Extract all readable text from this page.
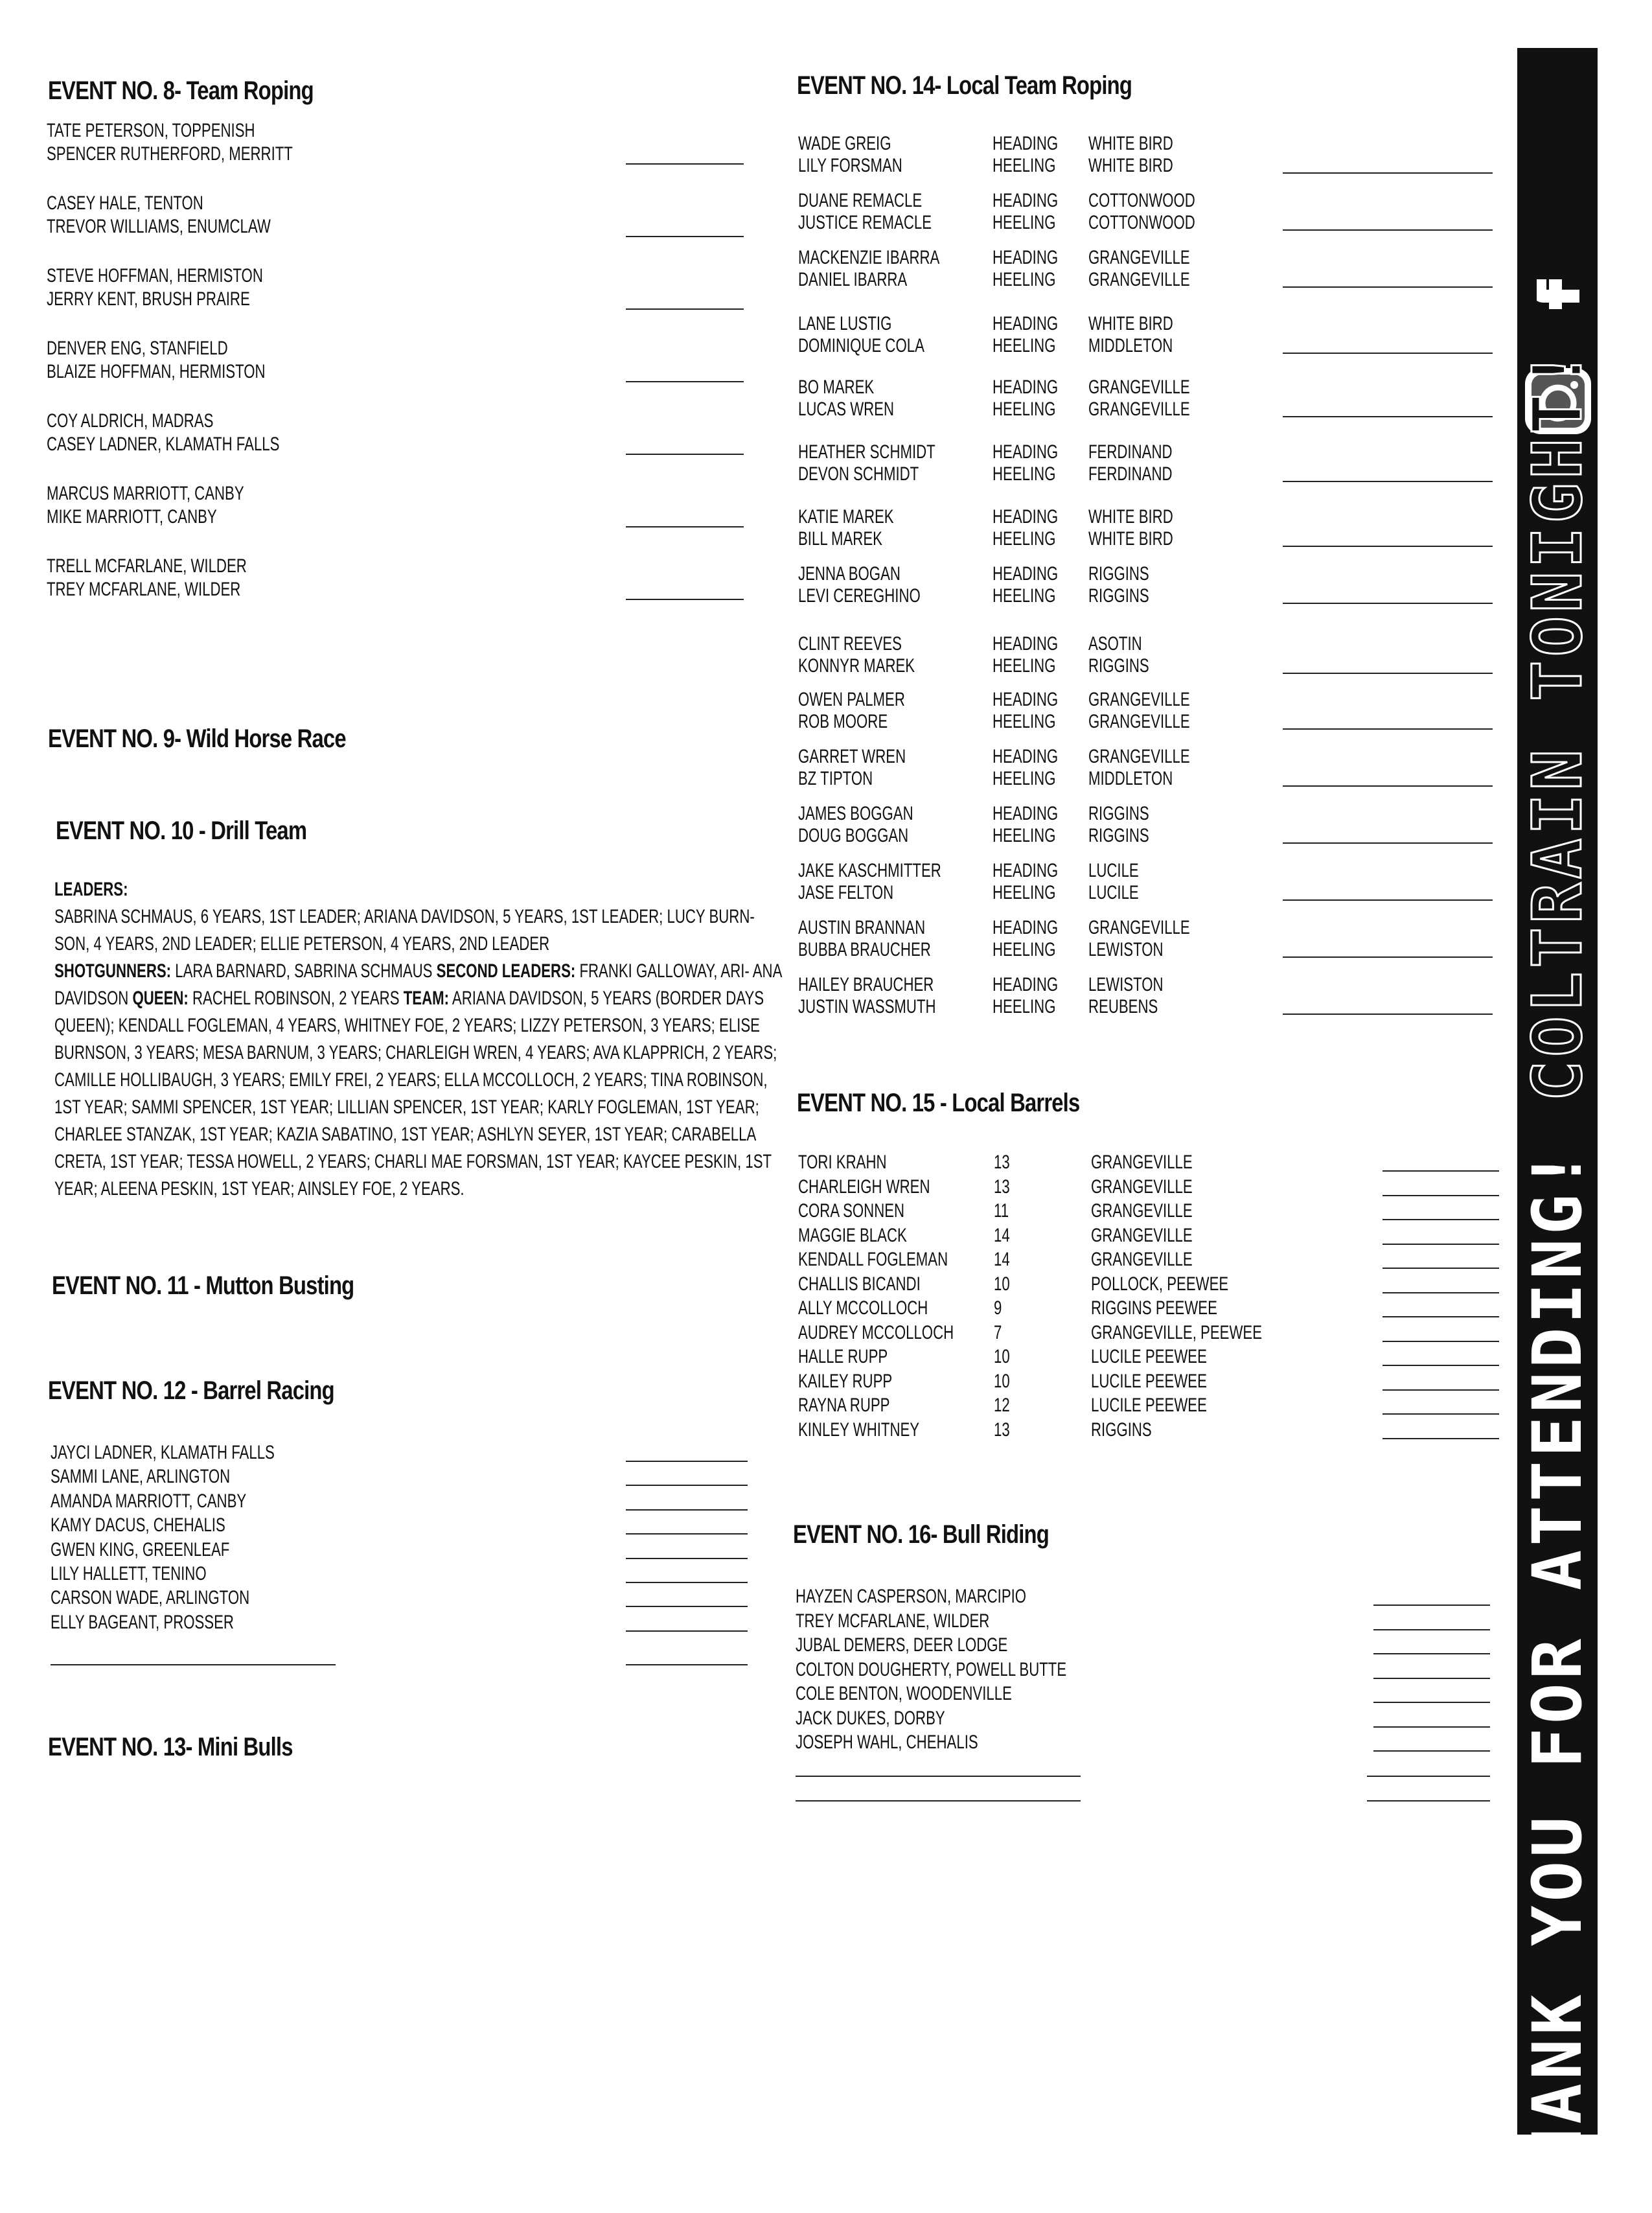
EVENT NO. 8- Team Roping
TATE PETERSON, TOPPENISH
SPENCER RUTHERFORD, MERRITT
CASEY HALE, TENTON
TREVOR WILLIAMS, ENUMCLAW
STEVE HOFFMAN, HERMISTON
JERRY KENT, BRUSH PRAIRE
DENVER ENG, STANFIELD
BLAIZE HOFFMAN, HERMISTON
COY ALDRICH, MADRAS
CASEY LADNER, KLAMATH FALLS
MARCUS MARRIOTT, CANBY
MIKE MARRIOTT, CANBY
TRELL MCFARLANE, WILDER
TREY MCFARLANE, WILDER
EVENT NO. 9- Wild Horse Race
EVENT NO. 10 - Drill Team
LEADERS:
SABRINA SCHMAUS, 6 YEARS, 1ST LEADER; ARIANA DAVIDSON, 5 YEARS, 1ST LEADER; LUCY BURN- SON, 4 YEARS, 2ND LEADER; ELLIE PETERSON, 4 YEARS, 2ND LEADER
SHOTGUNNERS: LARA BARNARD, SABRINA SCHMAUS SECOND LEADERS: FRANKI GALLOWAY, ARI- ANA DAVIDSON QUEEN: RACHEL ROBINSON, 2 YEARS TEAM: ARIANA DAVIDSON, 5 YEARS (BORDER DAYS QUEEN); KENDALL FOGLEMAN, 4 YEARS, WHITNEY FOE, 2 YEARS; LIZZY PETERSON, 3 YEARS; ELISE BURNSON, 3 YEARS; MESA BARNUM, 3 YEARS; CHARLEIGH WREN, 4 YEARS; AVA KLAPPRICH, 2 YEARS; CAMILLE HOLLIBAUGH, 3 YEARS; EMILY FREI, 2 YEARS; ELLA MCCOLLOCH, 2 YEARS; TINA ROBINSON, 1ST YEAR; SAMMI SPENCER, 1ST YEAR; LILLIAN SPENCER, 1ST YEAR; KARLY FOGLEMAN, 1ST YEAR; CHARLEE STANZAK, 1ST YEAR; KAZIA SABATINO, 1ST YEAR; ASHLYN SEYER, 1ST YEAR; CARABELLA CRETA, 1ST YEAR; TESSA HOWELL, 2 YEARS; CHARLI MAE FORSMAN, 1ST YEAR; KAYCEE PESKIN, 1ST YEAR; ALEENA PESKIN, 1ST YEAR; AINSLEY FOE, 2 YEARS.
EVENT NO. 11 - Mutton Busting
EVENT NO. 12 - Barrel Racing
JAYCI LADNER, KLAMATH FALLS
SAMMI LANE, ARLINGTON
AMANDA MARRIOTT, CANBY
KAMY DACUS, CHEHALIS
GWEN KING, GREENLEAF
LILY HALLETT, TENINO
CARSON WADE, ARLINGTON
ELLY BAGEANT, PROSSER
EVENT NO. 13- Mini Bulls
EVENT NO. 14- Local Team Roping
WADE GREIG	HEADING WHITE BIRD
LILY FORSMAN	HEELING WHITE BIRD
DUANE REMACLE	HEADING COTTONWOOD
JUSTICE REMACLE	HEELING COTTONWOOD
MACKENZIE IBARRA	HEADING GRANGEVILLE
DANIEL IBARRA	HEELING GRANGEVILLE
LANE LUSTIG	HEADING WHITE BIRD
DOMINIQUE COLA	HEELING MIDDLETON
BO MAREK	HEADING GRANGEVILLE
LUCAS WREN	HEELING GRANGEVILLE
HEATHER SCHMIDT	HEADING FERDINAND
DEVON SCHMIDT	HEELING FERDINAND
KATIE MAREK	HEADING WHITE BIRD
BILL MAREK	HEELING WHITE BIRD
JENNA BOGAN	HEADING RIGGINS
LEVI CEREGHINO	HEELING RIGGINS
CLINT REEVES	HEADING ASOTIN
KONNYR MAREK	HEELING RIGGINS
OWEN PALMER	HEADING GRANGEVILLE
ROB MOORE	HEELING GRANGEVILLE
GARRET WREN	HEADING GRANGEVILLE
BZ TIPTON	HEELING MIDDLETON
JAMES BOGGAN	HEADING RIGGINS
DOUG BOGGAN	HEELING RIGGINS
JAKE KASCHMITTER	HEADING LUCILE
JASE FELTON	HEELING LUCILE
AUSTIN BRANNAN	HEADING GRANGEVILLE
BUBBA BRAUCHER	HEELING LEWISTON
HAILEY BRAUCHER	HEADING LEWISTON
JUSTIN WASSMUTH	HEELING REUBENS
EVENT NO. 15 - Local Barrels
TORI KRAHN	13	GRANGEVILLE
CHARLEIGH WREN	13	GRANGEVILLE
CORA SONNEN	11	GRANGEVILLE
MAGGIE BLACK	14	GRANGEVILLE
KENDALL FOGLEMAN 14	GRANGEVILLE
CHALLIS BICANDI	10	POLLOCK, PEEWEE
ALLY MCCOLLOCH	9	RIGGINS PEEWEE
AUDREY MCCOLLOCH 7	GRANGEVILLE, PEEWEE
HALLE RUPP	10	LUCILE PEEWEE
KAILEY RUPP	10	LUCILE PEEWEE
RAYNA RUPP	12	LUCILE PEEWEE
KINLEY WHITNEY	13	RIGGINS
EVENT NO. 16- Bull Riding
HAYZEN CASPERSON, MARCIPIO
TREY MCFARLANE, WILDER
JUBAL DEMERS, DEER LODGE
COLTON DOUGHERTY, POWELL BUTTE
COLE BENTON, WOODENVILLE
JACK DUKES, DORBY
JOSEPH WAHL, CHEHALIS	THANK YOU FOR ATTENDING! COLTRAIN TONIGHT!
